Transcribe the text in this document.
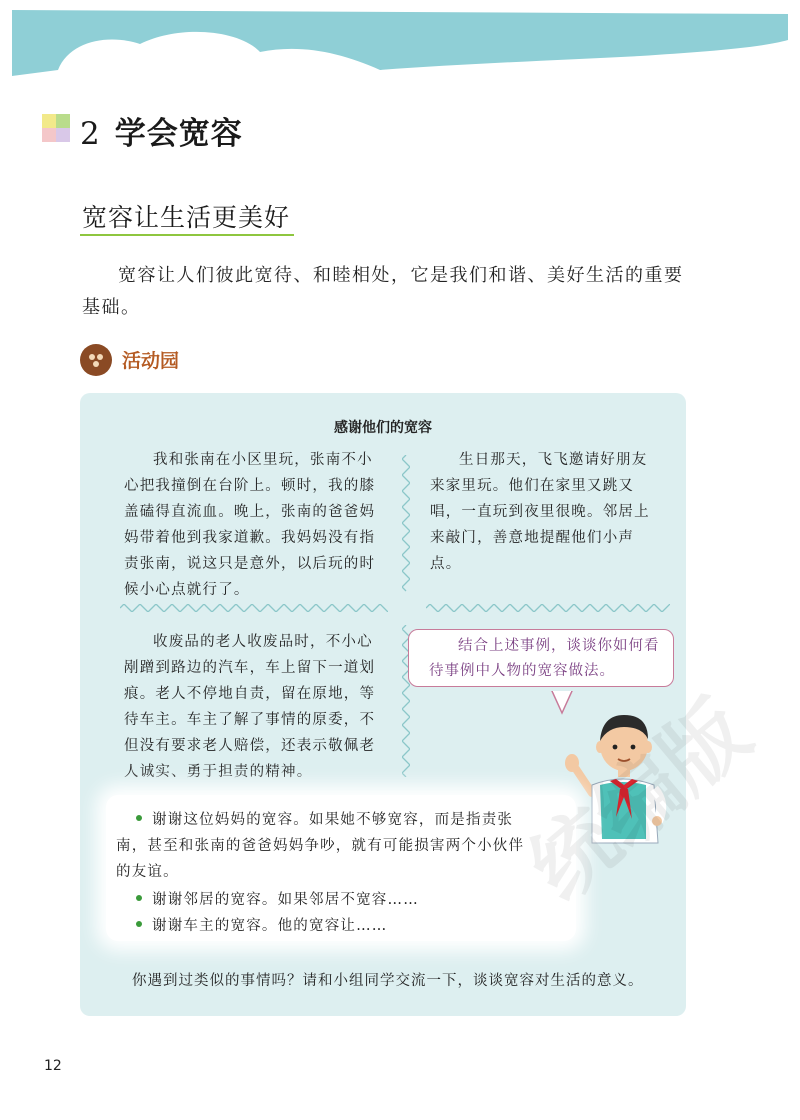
2 学会宽容
宽容让生活更美好
宽容让人们彼此宽待、和睦相处，它是我们和谐、美好生活的重要基础。
活动园
感谢他们的宽容
我和张南在小区里玩，张南不小心把我撞倒在台阶上。顿时，我的膝盖磕得直流血。晚上，张南的爸爸妈妈带着他到我家道歉。我妈妈没有指责张南，说这只是意外，以后玩的时候小心点就行了。
生日那天，飞飞邀请好朋友来家里玩。他们在家里又跳又唱，一直玩到夜里很晚。邻居上来敲门，善意地提醒他们小声点。
收废品的老人收废品时，不小心剐蹭到路边的汽车，车上留下一道划痕。老人不停地自责，留在原地，等待车主。车主了解了事情的原委，不但没有要求老人赔偿，还表示敬佩老人诚实、勇于担责的精神。
结合上述事例，谈谈你如何看待事例中人物的宽容做法。
谢谢这位妈妈的宽容。如果她不够宽容，而是指责张
南，甚至和张南的爸爸妈妈争吵，就有可能损害两个小伙伴
的友谊。
谢谢邻居的宽容。如果邻居不宽容……
谢谢车主的宽容。他的宽容让……
你遇到过类似的事情吗？请和小组同学交流一下，谈谈宽容对生活的意义。
12
